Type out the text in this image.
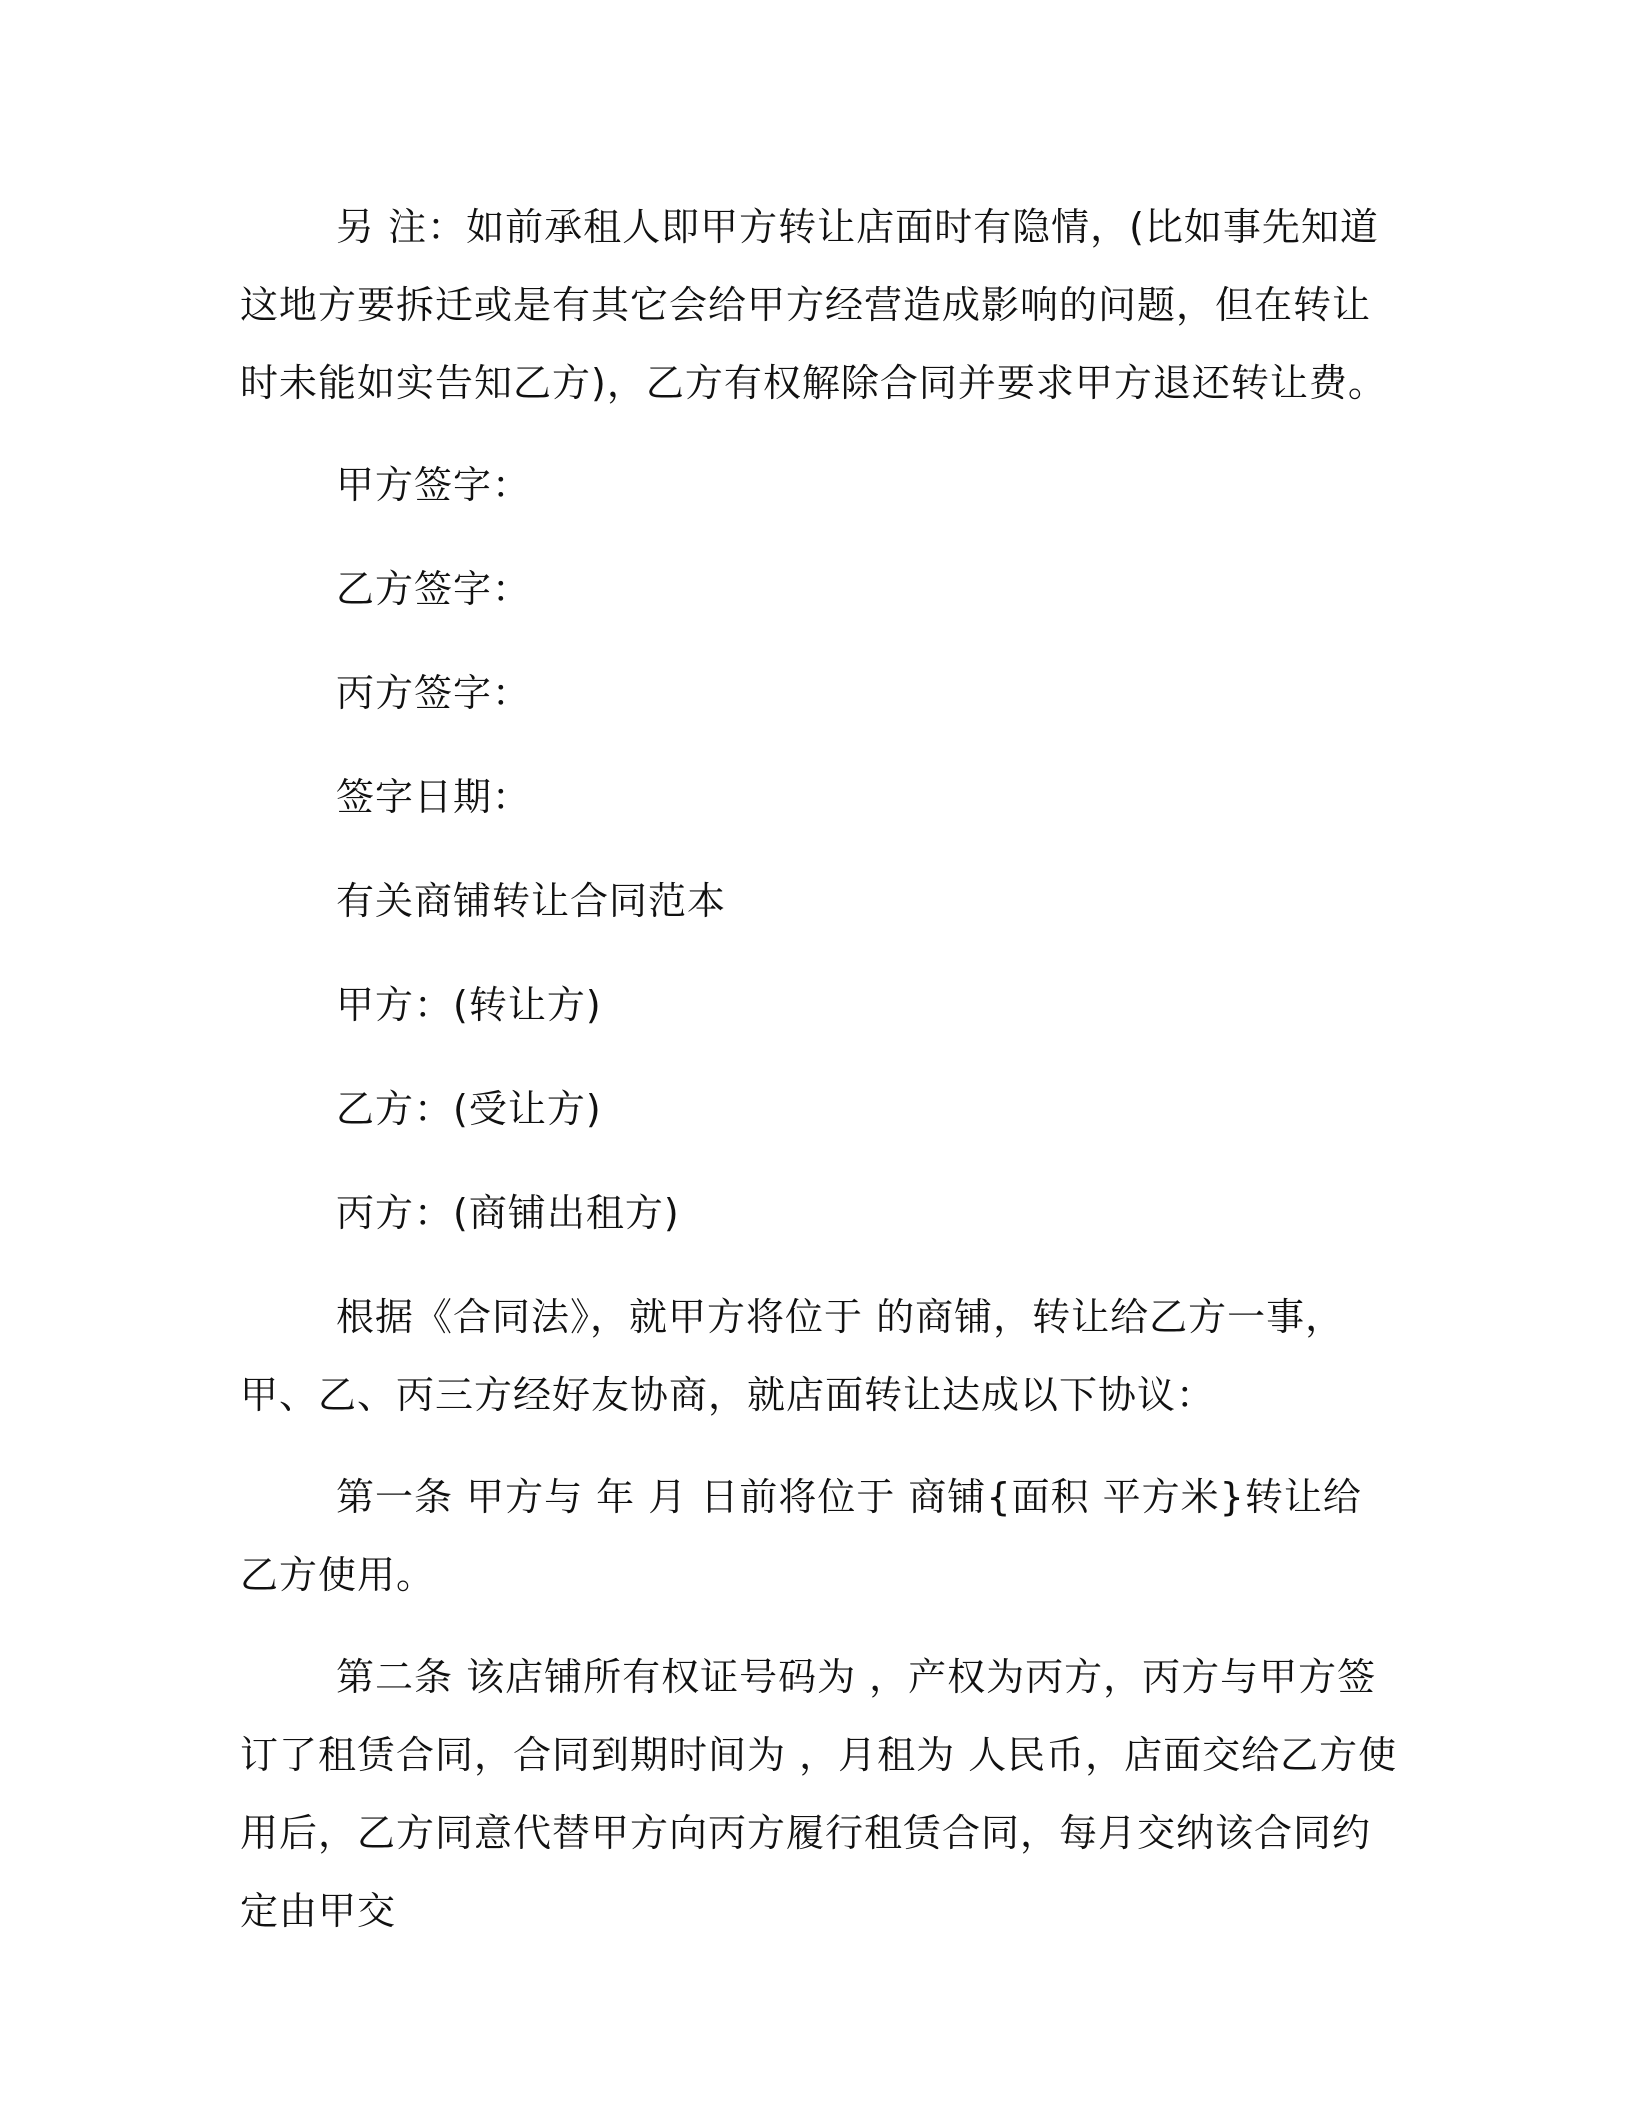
另 注：如前承租人即甲方转让店面时有隐情，(比如事先知道这地方要拆迁或是有其它会给甲方经营造成影响的问题，但在转让时未能如实告知乙方)，乙方有权解除合同并要求甲方退还转让费。

甲方签字：

乙方签字：

丙方签字：

签字日期：

有关商铺转让合同范本

甲方：(转让方)

乙方：(受让方)

丙方：(商铺出租方)

根据《合同法》，就甲方将位于 的商铺，转让给乙方一事，甲、乙、丙三方经好友协商，就店面转让达成以下协议：

第一条 甲方与 年 月 日前将位于 商铺{面积 平方米}转让给乙方使用。

第二条 该店铺所有权证号码为 ，产权为丙方，丙方与甲方签订了租赁合同，合同到期时间为 ，月租为 人民币，店面交给乙方使用后，乙方同意代替甲方向丙方履行租赁合同，每月交纳该合同约定由甲交
